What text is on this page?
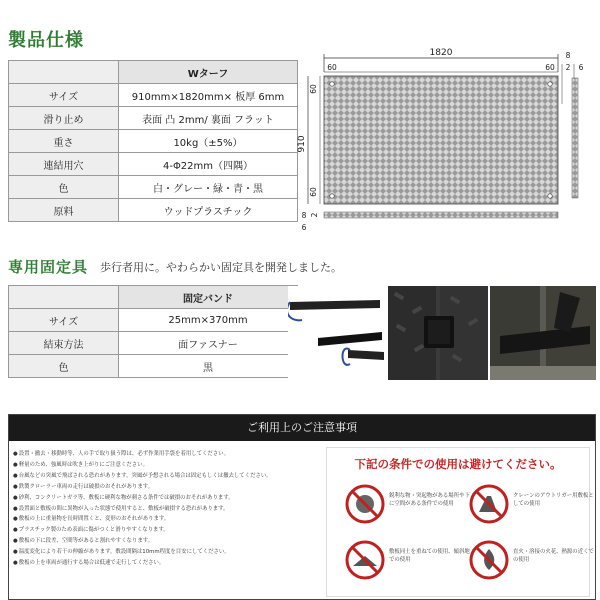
製品仕様
	Wターフ
サイズ	910mm×1820mm× 板厚 6mm
滑り止め	表面 凸 2mm/ 裏面 フラット
重さ	10kg（±5%）
連結用穴	4-Φ22mm（四隅）
色	白・グレー・緑・青・黒
原料	ウッドプラスチック
1820
60	60
8
2 6
910
60
60
8 2
6
専用固定具 歩行者用に。やわらかい固定具を開発しました。
	固定バンド
サイズ	25mm×370mm
結束方法	面ファスナー
色	黒
ご利用上のご注意事項
● 設置・撤去・移動時等、人の手で取り扱う際は、必ず作業用手袋を着用してください。
● 軽量のため、強風時は吹き上がりにご注意ください。
● 台風などの突風で飛ばされる恐れがあります。突風が予想される場合は固定もしくは撤去してください。
● 鉄製クローラー車両の走行は破損のおそれがあります。
● 砂利、コンクリートガラ等、敷板に硬利な物が刺さる条件では破損のおそれがあります。
● 設置面と敷板の間に異物が入った状態で使用すると、敷板が破損する恐れがあります。
● 敷板の上に重量物を長時間置くと、変形のおそれがあります。
● プラスチック製のため表面に傷がつくと滑りやすくなります。
● 敷板の下に段差、空間等があると割れやすくなります。
● 温度変化により若干の伸縮があります。敷設間隔は10mm程度を目安にしてください。
● 敷板の上を車両が通行する場合は低速で走行してください。
下記の条件での使用は避けてください。
鋭利な物・突起物がある場所や下に空間がある条件での使用
クレーンのアウトリガー用敷板としての使用
敷板同士を重ねての使用、傾斜地での使用
直火・溶接の火花、熱源の近くでの使用
